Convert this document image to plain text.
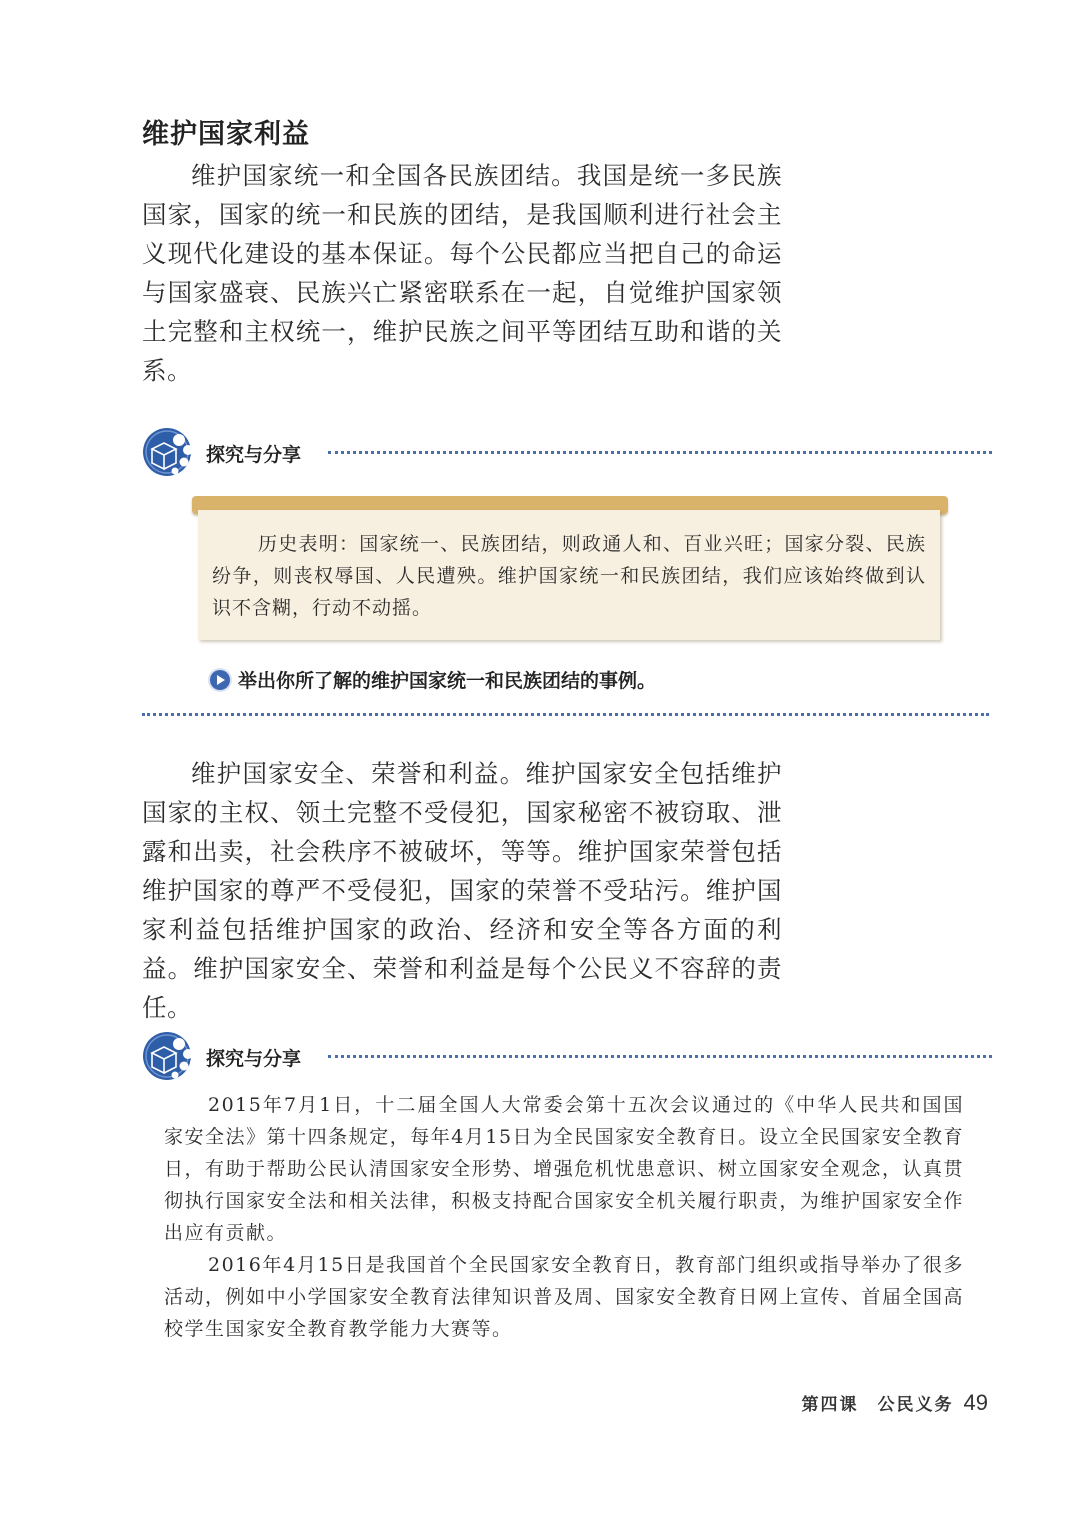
维护国家利益

维护国家统一和全国各民族团结。我国是统一多民族国家，国家的统一和民族的团结，是我国顺利进行社会主义现代化建设的基本保证。每个公民都应当把自己的命运与国家盛衰、民族兴亡紧密联系在一起，自觉维护国家领土完整和主权统一，维护民族之间平等团结互助和谐的关系。

探究与分享

历史表明：国家统一、民族团结，则政通人和、百业兴旺；国家分裂、民族纷争，则丧权辱国、人民遭殃。维护国家统一和民族团结，我们应该始终做到认识不含糊，行动不动摇。

举出你所了解的维护国家统一和民族团结的事例。

维护国家安全、荣誉和利益。维护国家安全包括维护国家的主权、领土完整不受侵犯，国家秘密不被窃取、泄露和出卖，社会秩序不被破坏，等等。维护国家荣誉包括维护国家的尊严不受侵犯，国家的荣誉不受玷污。维护国家利益包括维护国家的政治、经济和安全等各方面的利益。维护国家安全、荣誉和利益是每个公民义不容辞的责任。

探究与分享

2015年7月1日，十二届全国人大常委会第十五次会议通过的《中华人民共和国国家安全法》第十四条规定，每年4月15日为全民国家安全教育日。设立全民国家安全教育日，有助于帮助公民认清国家安全形势、增强危机忧患意识、树立国家安全观念，认真贯彻执行国家安全法和相关法律，积极支持配合国家安全机关履行职责，为维护国家安全作出应有贡献。

2016年4月15日是我国首个全民国家安全教育日，教育部门组织或指导举办了很多活动，例如中小学国家安全教育法律知识普及周、国家安全教育日网上宣传、首届全国高校学生国家安全教育教学能力大赛等。

第四课　公民义务 49
